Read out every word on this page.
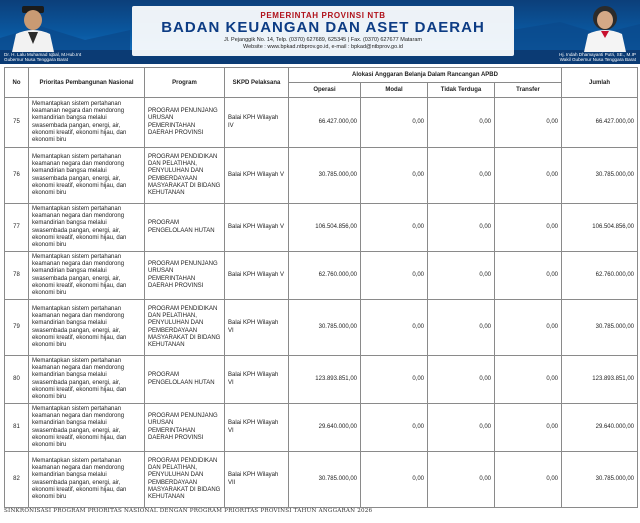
PEMERINTAH PROVINSI NTB
BADAN KEUANGAN DAN ASET DAERAH
Jl. Pejanggik No. 14, Telp. (0370) 627689, 625345 | Fax. (0370) 627677 Mataram
Website : www.bpkad.ntbprov.go.id, e-mail : bpkad@ntbprov.go.id
Dr. H. Lalu Muhamad Iqbal, M.Hub.Int
Gubernur Nusa Tenggara Barat
Hj. Indah Dhamayanti Putri, SE., M.IP
Wakil Gubernur Nusa Tenggara Barat
No	Prioritas Pembangunan Nasional	Program	SKPD Pelaksana	Alokasi Anggaran Belanja Dalam Rancangan APBD				Jumlah
				Operasi	Modal	Tidak Terduga	Transfer	
75	Memantapkan sistem pertahanan keamanan negara dan mendorong kemandirian bangsa melalui swasembada pangan, energi, air, ekonomi kreatif, ekonomi hijau, dan ekonomi biru	PROGRAM PENUNJANG URUSAN PEMERINTAHAN DAERAH PROVINSI	Balai KPH Wilayah IV	66.427.000,00	0,00	0,00	0,00	66.427.000,00
76	Memantapkan sistem pertahanan keamanan negara dan mendorong kemandirian bangsa melalui swasembada pangan, energi, air, ekonomi kreatif, ekonomi hijau, dan ekonomi biru	PROGRAM PENDIDIKAN DAN PELATIHAN, PENYULUHAN DAN PEMBERDAYAAN MASYARAKAT DI BIDANG KEHUTANAN	Balai KPH Wilayah V	30.785.000,00	0,00	0,00	0,00	30.785.000,00
77	Memantapkan sistem pertahanan keamanan negara dan mendorong kemandirian bangsa melalui swasembada pangan, energi, air, ekonomi kreatif, ekonomi hijau, dan ekonomi biru	PROGRAM PENGELOLAAN HUTAN	Balai KPH Wilayah V	106.504.856,00	0,00	0,00	0,00	106.504.856,00
78	Memantapkan sistem pertahanan keamanan negara dan mendorong kemandirian bangsa melalui swasembada pangan, energi, air, ekonomi kreatif, ekonomi hijau, dan ekonomi biru	PROGRAM PENUNJANG URUSAN PEMERINTAHAN DAERAH PROVINSI	Balai KPH Wilayah V	62.760.000,00	0,00	0,00	0,00	62.760.000,00
79	Memantapkan sistem pertahanan keamanan negara dan mendorong kemandirian bangsa melalui swasembada pangan, energi, air, ekonomi kreatif, ekonomi hijau, dan ekonomi biru	PROGRAM PENDIDIKAN DAN PELATIHAN, PENYULUHAN DAN PEMBERDAYAAN MASYARAKAT DI BIDANG KEHUTANAN	Balai KPH Wilayah VI	30.785.000,00	0,00	0,00	0,00	30.785.000,00
80	Memantapkan sistem pertahanan keamanan negara dan mendorong kemandirian bangsa melalui swasembada pangan, energi, air, ekonomi kreatif, ekonomi hijau, dan ekonomi biru	PROGRAM PENGELOLAAN HUTAN	Balai KPH Wilayah VI	123.893.851,00	0,00	0,00	0,00	123.893.851,00
81	Memantapkan sistem pertahanan keamanan negara dan mendorong kemandirian bangsa melalui swasembada pangan, energi, air, ekonomi kreatif, ekonomi hijau, dan ekonomi biru	PROGRAM PENUNJANG URUSAN PEMERINTAHAN DAERAH PROVINSI	Balai KPH Wilayah VI	29.640.000,00	0,00	0,00	0,00	29.640.000,00
82	Memantapkan sistem pertahanan keamanan negara dan mendorong kemandirian bangsa melalui swasembada pangan, energi, air, ekonomi kreatif, ekonomi hijau, dan ekonomi biru	PROGRAM PENDIDIKAN DAN PELATIHAN, PENYULUHAN DAN PEMBERDAYAAN MASYARAKAT DI BIDANG KEHUTANAN	Balai KPH Wilayah VII	30.785.000,00	0,00	0,00	0,00	30.785.000,00
SINKRONISASI PROGRAM PRIORITAS NASIONAL DENGAN PROGRAM PRIORITAS PROVINSI TAHUN ANGGARAN 2026
